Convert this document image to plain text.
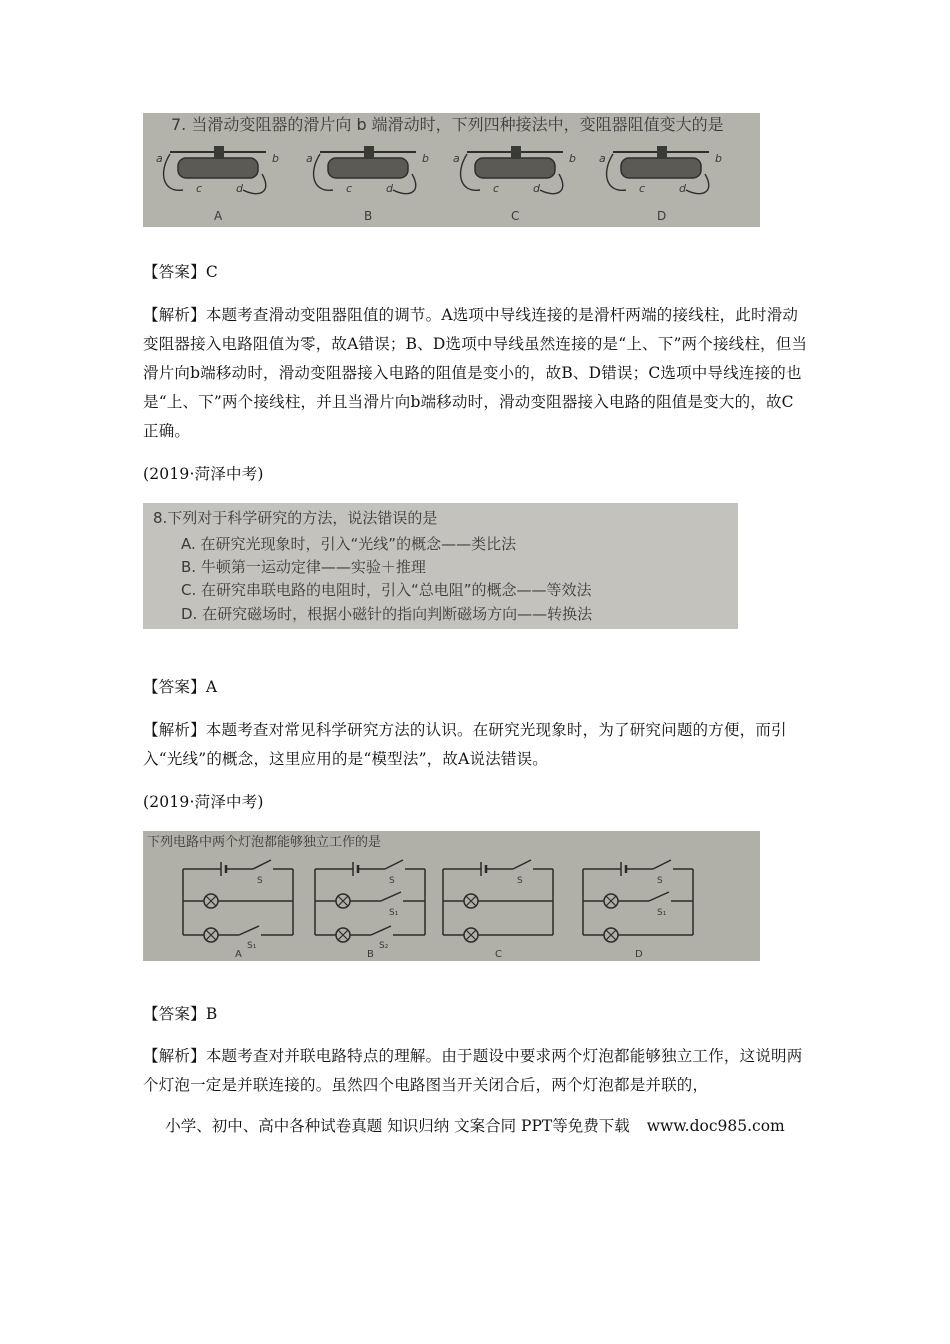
7. 当滑动变阻器的滑片向 b 端滑动时，下列四种接法中，变阻器阻值变大的是
a	b
c	d
A
a	b
c	d
B
a	b
c	d
C
a	b
c	d
D

【答案】C

【解析】本题考查滑动变阻器阻值的调节。A选项中导线连接的是滑杆两端的接线柱，此时滑动变阻器接入电路阻值为零，故A错误；B、D选项中导线虽然连接的是“上、下”两个接线柱，但当滑片向b端移动时，滑动变阻器接入电路的阻值是变小的，故B、D错误；C选项中导线连接的也是“上、下”两个接线柱，并且当滑片向b端移动时，滑动变阻器接入电路的阻值是变大的，故C正确。

(2019·菏泽中考)

8.下列对于科学研究的方法，说法错误的是
A. 在研究光现象时，引入“光线”的概念——类比法
B. 牛顿第一运动定律——实验＋推理
C. 在研究串联电路的电阻时，引入“总电阻”的概念——等效法
D. 在研究磁场时，根据小磁针的指向判断磁场方向——转换法

【答案】A

【解析】本题考查对常见科学研究方法的认识。在研究光现象时，为了研究问题的方便，而引入“光线”的概念，这里应用的是“模型法”，故A说法错误。

(2019·菏泽中考)

下列电路中两个灯泡都能够独立工作的是
S
S₁
A
S
S₁
S₂
B
S
C
S
S₁
D

【答案】B

【解析】本题考查对并联电路特点的理解。由于题设中要求两个灯泡都能够独立工作，这说明两个灯泡一定是并联连接的。虽然四个电路图当开关闭合后，两个灯泡都是并联的，

小学、初中、高中各种试卷真题 知识归纳 文案合同 PPT等免费下载 www.doc985.com
